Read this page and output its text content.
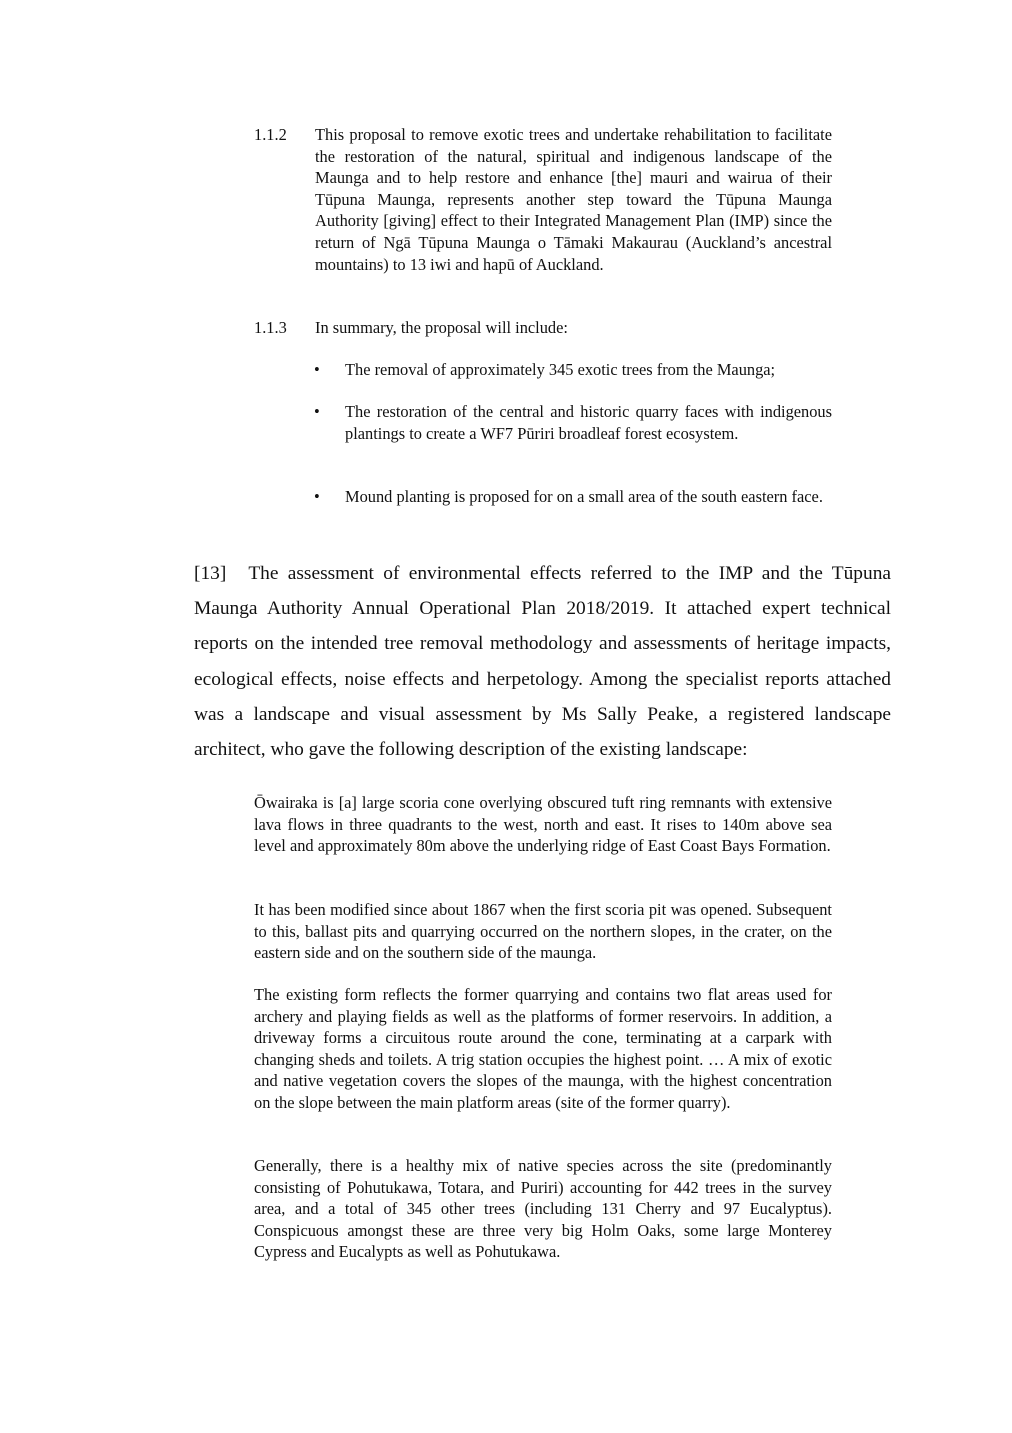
1.1.2 This proposal to remove exotic trees and undertake rehabilitation to facilitate the restoration of the natural, spiritual and indigenous landscape of the Maunga and to help restore and enhance [the] mauri and wairua of their Tūpuna Maunga, represents another step toward the Tūpuna Maunga Authority [giving] effect to their Integrated Management Plan (IMP) since the return of Ngā Tūpuna Maunga o Tāmaki Makaurau (Auckland’s ancestral mountains) to 13 iwi and hapū of Auckland.
1.1.3 In summary, the proposal will include:
• The removal of approximately 345 exotic trees from the Maunga;
• The restoration of the central and historic quarry faces with indigenous plantings to create a WF7 Pūriri broadleaf forest ecosystem.
• Mound planting is proposed for on a small area of the south eastern face.

[13] The assessment of environmental effects referred to the IMP and the Tūpuna Maunga Authority Annual Operational Plan 2018/2019. It attached expert technical reports on the intended tree removal methodology and assessments of heritage impacts, ecological effects, noise effects and herpetology. Among the specialist reports attached was a landscape and visual assessment by Ms Sally Peake, a registered landscape architect, who gave the following description of the existing landscape:

Ōwairaka is [a] large scoria cone overlying obscured tuft ring remnants with extensive lava flows in three quadrants to the west, north and east. It rises to 140m above sea level and approximately 80m above the underlying ridge of East Coast Bays Formation.
It has been modified since about 1867 when the first scoria pit was opened. Subsequent to this, ballast pits and quarrying occurred on the northern slopes, in the crater, on the eastern side and on the southern side of the maunga.
The existing form reflects the former quarrying and contains two flat areas used for archery and playing fields as well as the platforms of former reservoirs. In addition, a driveway forms a circuitous route around the cone, terminating at a carpark with changing sheds and toilets. A trig station occupies the highest point. … A mix of exotic and native vegetation covers the slopes of the maunga, with the highest concentration on the slope between the main platform areas (site of the former quarry).
Generally, there is a healthy mix of native species across the site (predominantly consisting of Pohutukawa, Totara, and Puriri) accounting for 442 trees in the survey area, and a total of 345 other trees (including 131 Cherry and 97 Eucalyptus). Conspicuous amongst these are three very big Holm Oaks, some large Monterey Cypress and Eucalypts as well as Pohutukawa.
